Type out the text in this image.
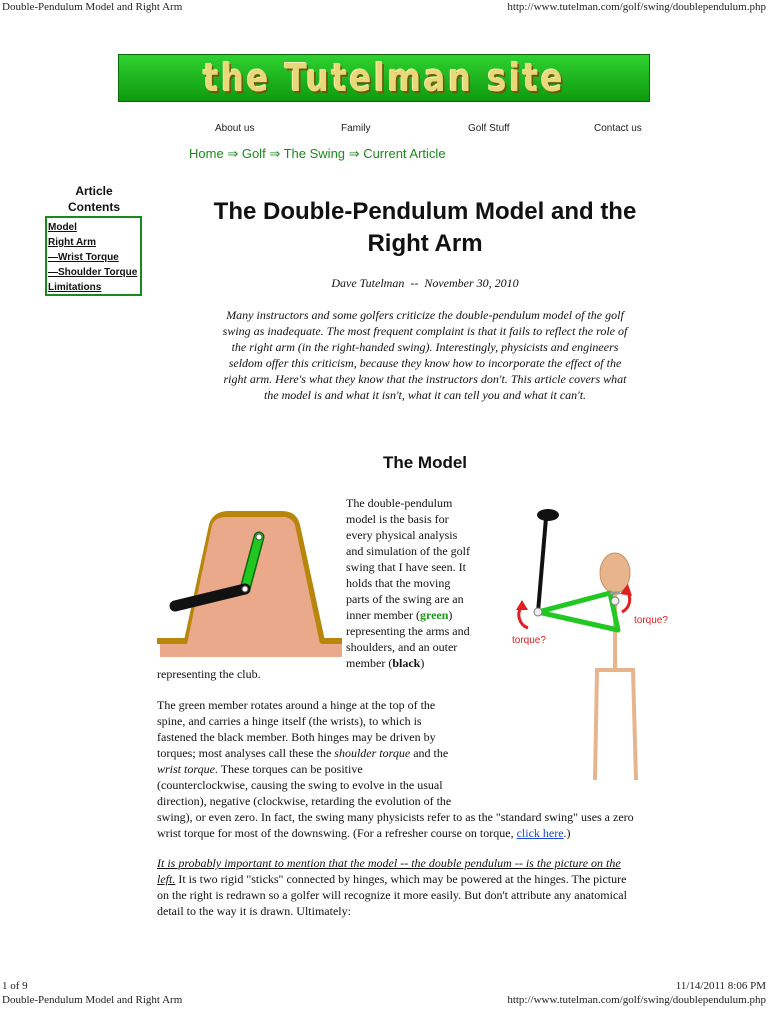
Double-Pendulum Model and Right Arm	http://www.tutelman.com/golf/swing/doublependulum.php
the Tutelman site
About us	Family	Golf Stuff	Contact us
Home ⇒ Golf ⇒ The Swing ⇒ Current Article
Article
Contents
Model
Right Arm
—Wrist Torque
—Shoulder Torque
Limitations
The Double-Pendulum Model and the
Right Arm
Dave Tutelman  --  November 30, 2010
Many instructors and some golfers criticize the double-pendulum model of the golf swing as inadequate. The most frequent complaint is that it fails to reflect the role of the right arm (in the right-handed swing). Interestingly, physicists and engineers seldom offer this criticism, because they know how to incorporate the effect of the right arm. Here's what they know that the instructors don't. This article covers what the model is and what it isn't, what it can tell you and what it can't.
The Model
torque?
torque?
The double-pendulum
model is the basis for
every physical analysis
and simulation of the golf
swing that I have seen. It
holds that the moving
parts of the swing are an
inner member (green)
representing the arms and
shoulders, and an outer
member (black)
representing the club.
The green member rotates around a hinge at the top of the
spine, and carries a hinge itself (the wrists), to which is
fastened the black member. Both hinges may be driven by
torques; most analyses call these the shoulder torque and the
wrist torque. These torques can be positive
(counterclockwise, causing the swing to evolve in the usual
direction), negative (clockwise, retarding the evolution of the
swing), or even zero. In fact, the swing many physicists refer to as the "standard swing" uses a zero
wrist torque for most of the downswing. (For a refresher course on torque, click here.)
It is probably important to mention that the model -- the double pendulum -- is the picture on the
left. It is two rigid "sticks" connected by hinges, which may be powered at the hinges. The picture
on the right is redrawn so a golfer will recognize it more easily. But don't attribute any anatomical
detail to the way it is drawn. Ultimately:
1 of 9	11/14/2011 8:06 PM
Double-Pendulum Model and Right Arm	http://www.tutelman.com/golf/swing/doublependulum.php
